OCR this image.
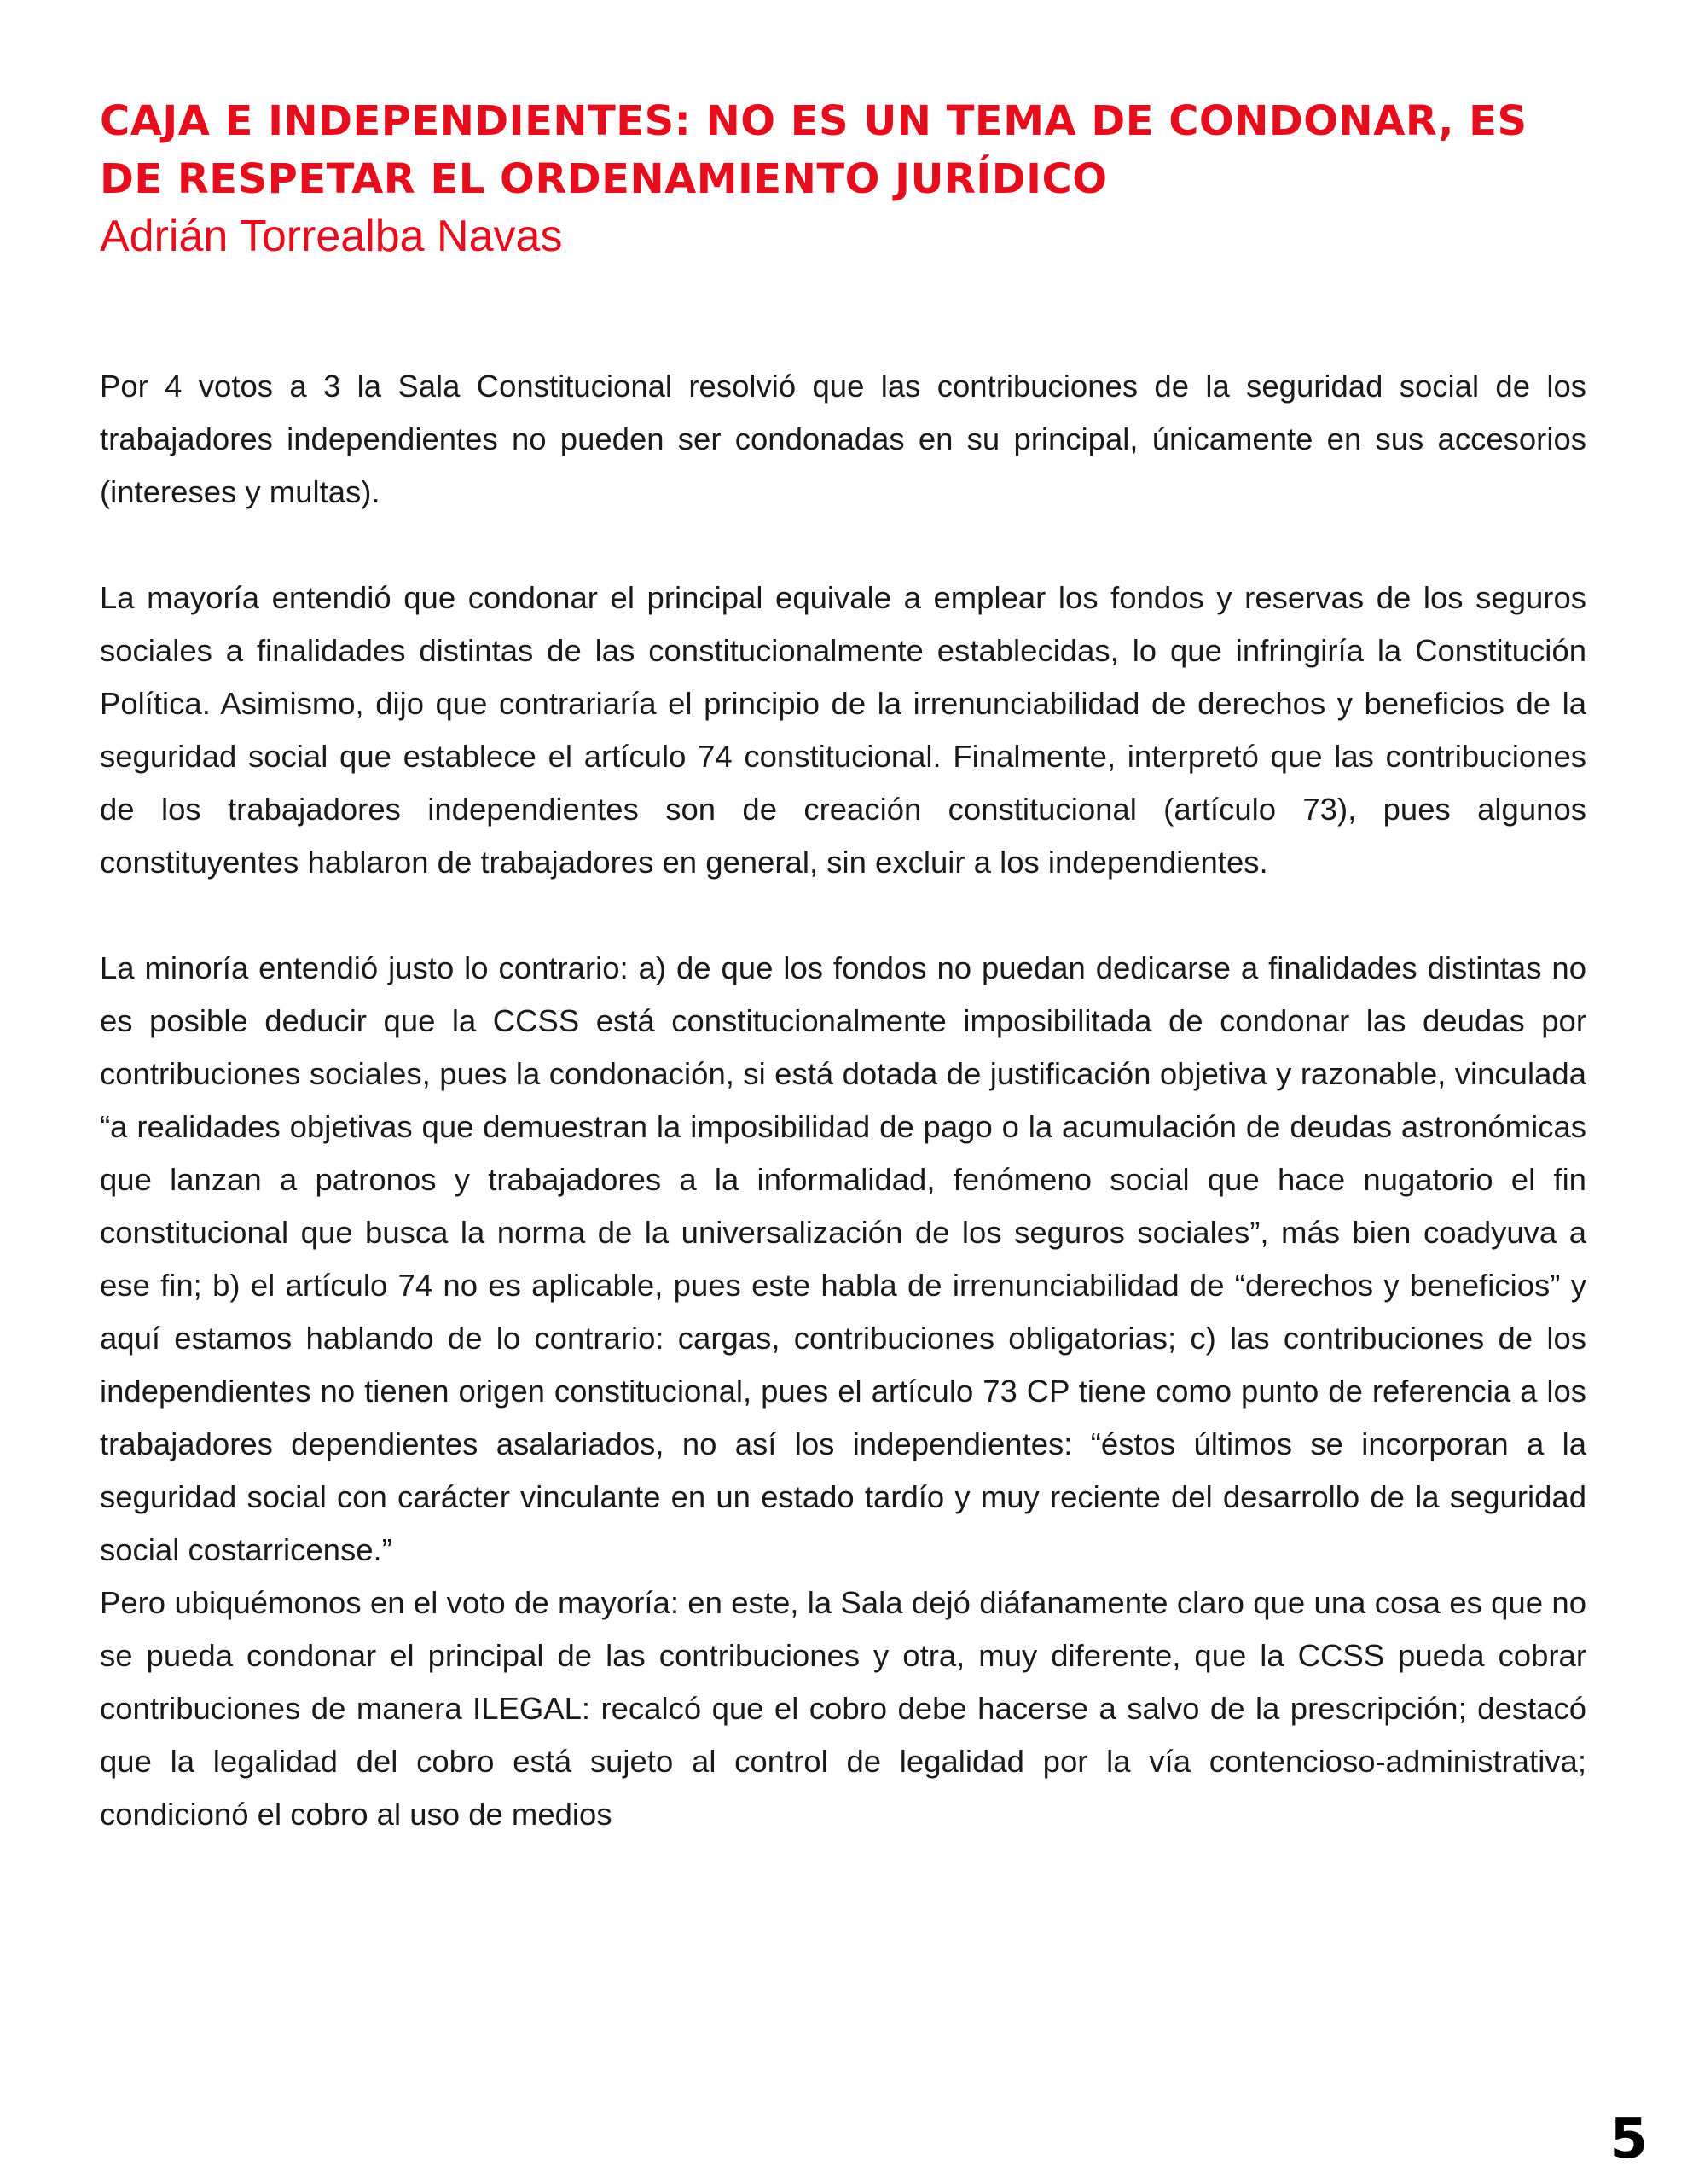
CAJA E INDEPENDIENTES: NO ES UN TEMA DE CONDONAR, ES DE RESPETAR EL ORDENAMIENTO JURÍDICO

Adrián Torrealba Navas

Por 4 votos a 3 la Sala Constitucional resolvió que las contribuciones de la seguridad social de los trabajadores independientes no pueden ser condonadas en su principal, únicamente en sus accesorios (intereses y multas).

La mayoría entendió que condonar el principal equivale a emplear los fondos y reservas de los seguros sociales a finalidades distintas de las constitucionalmente establecidas, lo que infringiría la Constitución Política. Asimismo, dijo que contrariaría el principio de la irrenunciabilidad de derechos y beneficios de la seguridad social que establece el artículo 74 constitucional. Finalmente, interpretó que las contribuciones de los trabajadores independientes son de creación constitucional (artículo 73), pues algunos constituyentes hablaron de trabajadores en general, sin excluir a los independientes.

La minoría entendió justo lo contrario: a) de que los fondos no puedan dedicarse a finalidades distintas no es posible deducir que la CCSS está constitucionalmente imposibilitada de condonar las deudas por contribuciones sociales, pues la condonación, si está dotada de justificación objetiva y razonable, vinculada “a realidades objetivas que demuestran la imposibilidad de pago o la acumulación de deudas astronómicas que lanzan a patronos y trabajadores a la informalidad, fenómeno social que hace nugatorio el fin constitucional que busca la norma de la universalización de los seguros sociales”, más bien coadyuva a ese fin; b) el artículo 74 no es aplicable, pues este habla de irrenunciabilidad de “derechos y beneficios” y aquí estamos hablando de lo contrario: cargas, contribuciones obligatorias; c) las contribuciones de los independientes no tienen origen constitucional, pues el artículo 73 CP tiene como punto de referencia a los trabajadores dependientes asalariados, no así los independientes: “éstos últimos se incorporan a la seguridad social con carácter vinculante en un estado tardío y muy reciente del desarrollo de la seguridad social costarricense.”

Pero ubiquémonos en el voto de mayoría: en este, la Sala dejó diáfanamente claro que una cosa es que no se pueda condonar el principal de las contribuciones y otra, muy diferente, que la CCSS pueda cobrar contribuciones de manera ILEGAL: recalcó que el cobro debe hacerse a salvo de la prescripción; destacó que la legalidad del cobro está sujeto al control de legalidad por la vía contencioso-administrativa; condicionó el cobro al uso de medios

5
